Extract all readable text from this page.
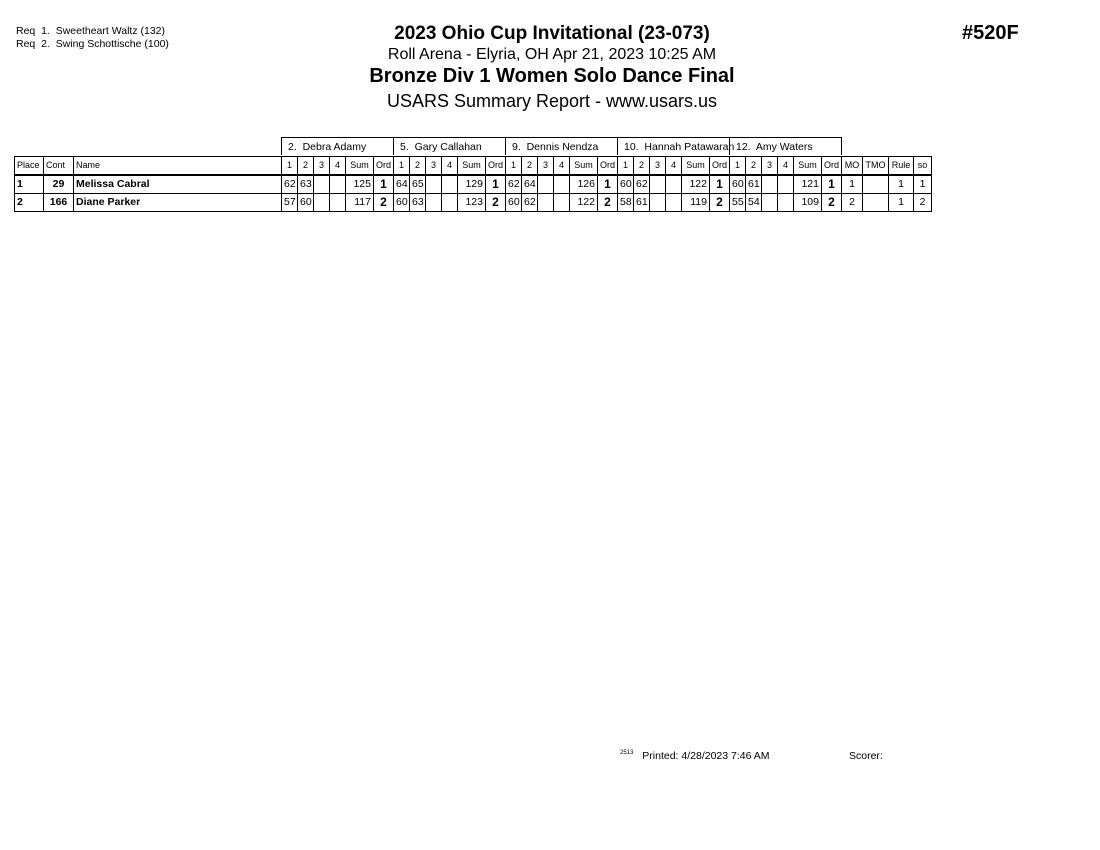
Req  1.  Sweetheart Waltz (132)
Req  2.  Swing Schottische (100)	2023 Ohio Cup Invitational (23-073)
Roll Arena - Elyria, OH Apr 21, 2023 10:25 AM
Bronze Div 1 Women Solo Dance Final
USARS Summary Report - www.usars.us
#520F
2.  Debra Adamy	5.  Gary Callahan	9.  Dennis Nendza	10.  Hannah Patawaran 12.  Amy Waters
Place	Cont	Name	1	2	3	4	Sum	Ord	1	2	3	4	Sum	Ord	1	2	3	4	Sum	Ord	1	2	3	4	Sum	Ord	1	2	3	4	Sum	Ord	MO	TMO	Rule	so
1	29	Melissa Cabral	62	63			125	1	64	65			129	1	62	64			126	1	60	62			122	1	60	61			121	1	1		1	1
2	166	Diane Parker	57	60			117	2	60	63			123	2	60	62			122	2	58	61			119	2	55	54			109	2	2		1	2
$^{2513}$ Printed: 4/28/2023 7:46 AM	Scorer:
